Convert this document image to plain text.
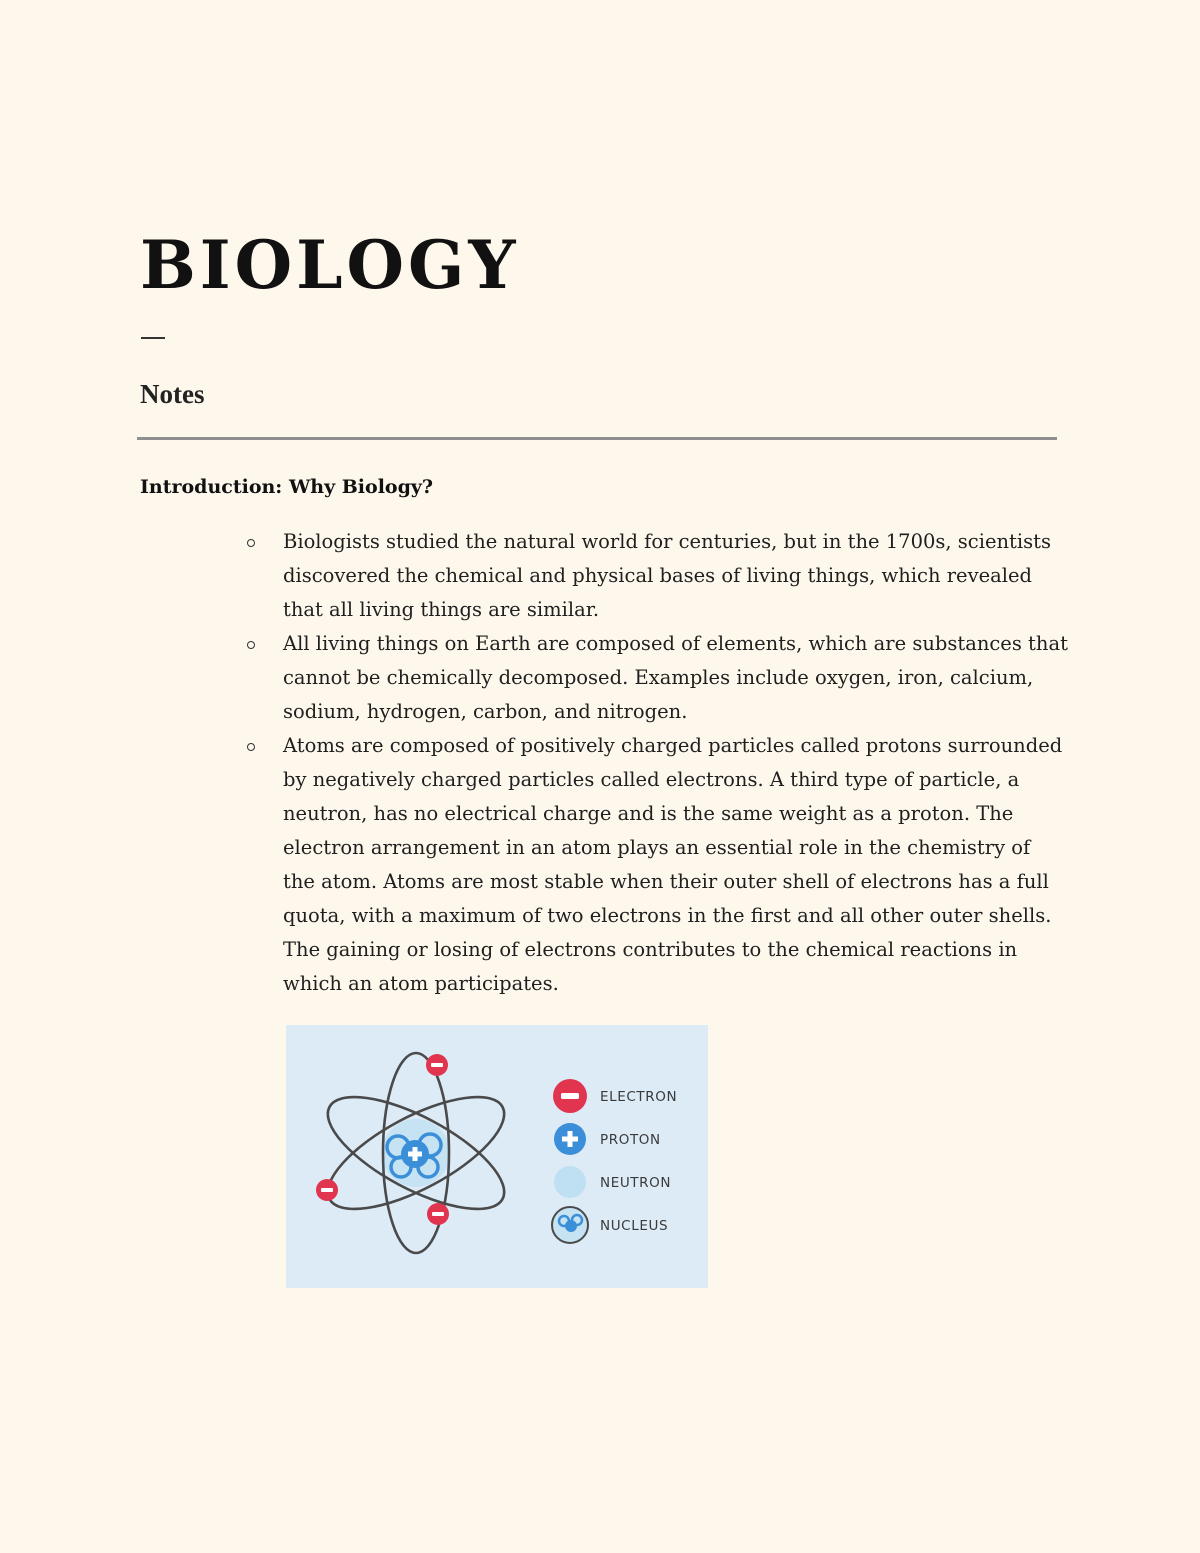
BIOLOGY
Notes
Introduction: Why Biology?
Biologists studied the natural world for centuries, but in the 1700s, scientists discovered the chemical and physical bases of living things, which revealed that all living things are similar.
All living things on Earth are composed of elements, which are substances that cannot be chemically decomposed. Examples include oxygen, iron, calcium, sodium, hydrogen, carbon, and nitrogen.
Atoms are composed of positively charged particles called protons surrounded by negatively charged particles called electrons. A third type of particle, a neutron, has no electrical charge and is the same weight as a proton. The electron arrangement in an atom plays an essential role in the chemistry of the atom. Atoms are most stable when their outer shell of electrons has a full quota, with a maximum of two electrons in the first and all other outer shells. The gaining or losing of electrons contributes to the chemical reactions in which an atom participates.
ELECTRON
PROTON
NEUTRON
NUCLEUS
